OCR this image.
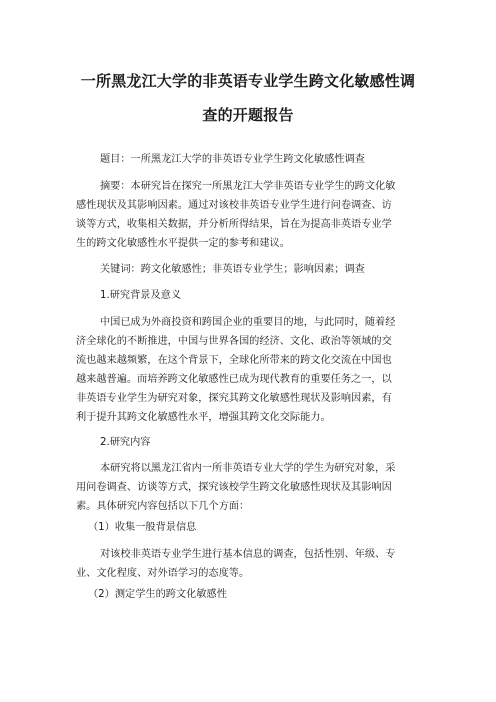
一所黑龙江大学的非英语专业学生跨文化敏感性调
查的开题报告
题目：一所黑龙江大学的非英语专业学生跨文化敏感性调查
摘要：本研究旨在探究一所黑龙江大学非英语专业学生的跨文化敏
感性现状及其影响因素。通过对该校非英语专业学生进行问卷调查、访
谈等方式，收集相关数据，并分析所得结果，旨在为提高非英语专业学
生的跨文化敏感性水平提供一定的参考和建议。
关键词：跨文化敏感性；非英语专业学生；影响因素；调查
1.研究背景及意义
中国已成为外商投资和跨国企业的重要目的地，与此同时，随着经
济全球化的不断推进，中国与世界各国的经济、文化、政治等领域的交
流也越来越频繁，在这个背景下，全球化所带来的跨文化交流在中国也
越来越普遍。而培养跨文化敏感性已成为现代教育的重要任务之一，以
非英语专业学生为研究对象，探究其跨文化敏感性现状及影响因素，有
利于提升其跨文化敏感性水平，增强其跨文化交际能力。
2.研究内容
本研究将以黑龙江省内一所非英语专业大学的学生为研究对象，采
用问卷调查、访谈等方式，探究该校学生跨文化敏感性现状及其影响因
素。具体研究内容包括以下几个方面：
（1）收集一般背景信息
对该校非英语专业学生进行基本信息的调查，包括性别、年级、专
业、文化程度、对外语学习的态度等。
（2）测定学生的跨文化敏感性
